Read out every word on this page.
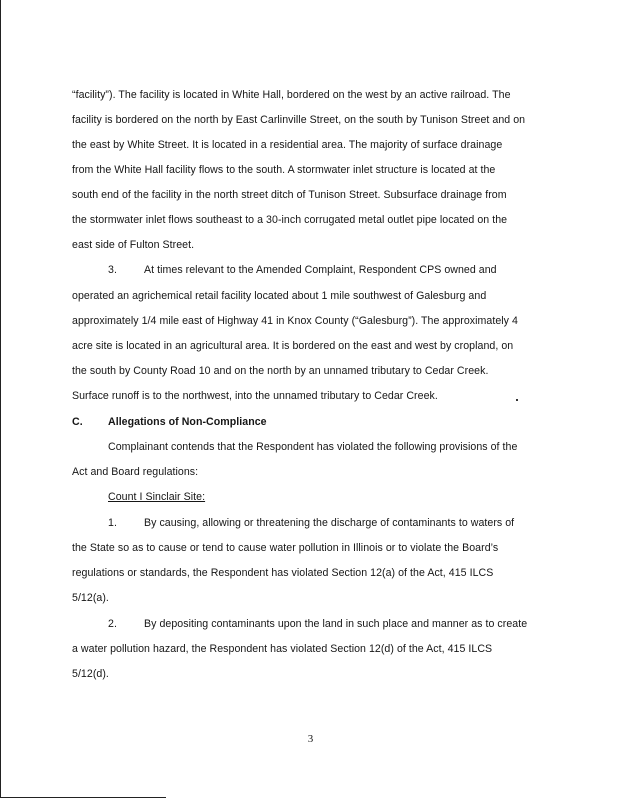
“facility”). The facility is located in White Hall, bordered on the west by an active railroad. The
facility is bordered on the north by East Carlinville Street, on the south by Tunison Street and on
the east by White Street. It is located in a residential area. The majority of surface drainage
from the White Hall facility flows to the south. A stormwater inlet structure is located at the
south end of the facility in the north street ditch of Tunison Street. Subsurface drainage from
the stormwater inlet flows southeast to a 30-inch corrugated metal outlet pipe located on the
east side of Fulton Street.
3.	At times relevant to the Amended Complaint, Respondent CPS owned and
operated an agrichemical retail facility located about 1 mile southwest of Galesburg and
approximately 1/4 mile east of Highway 41 in Knox County (“Galesburg”). The approximately 4
acre site is located in an agricultural area. It is bordered on the east and west by cropland, on
the south by County Road 10 and on the north by an unnamed tributary to Cedar Creek.
Surface runoff is to the northwest, into the unnamed tributary to Cedar Creek.
C. Allegations of Non-Compliance
Complainant contends that the Respondent has violated the following provisions of the
Act and Board regulations:
Count I Sinclair Site:
1.	By causing, allowing or threatening the discharge of contaminants to waters of
the State so as to cause or tend to cause water pollution in Illinois or to violate the Board’s
regulations or standards, the Respondent has violated Section 12(a) of the Act, 415 ILCS
5/12(a).
2.	By depositing contaminants upon the land in such place and manner as to create
a water pollution hazard, the Respondent has violated Section 12(d) of the Act, 415 ILCS
5/12(d).
3
